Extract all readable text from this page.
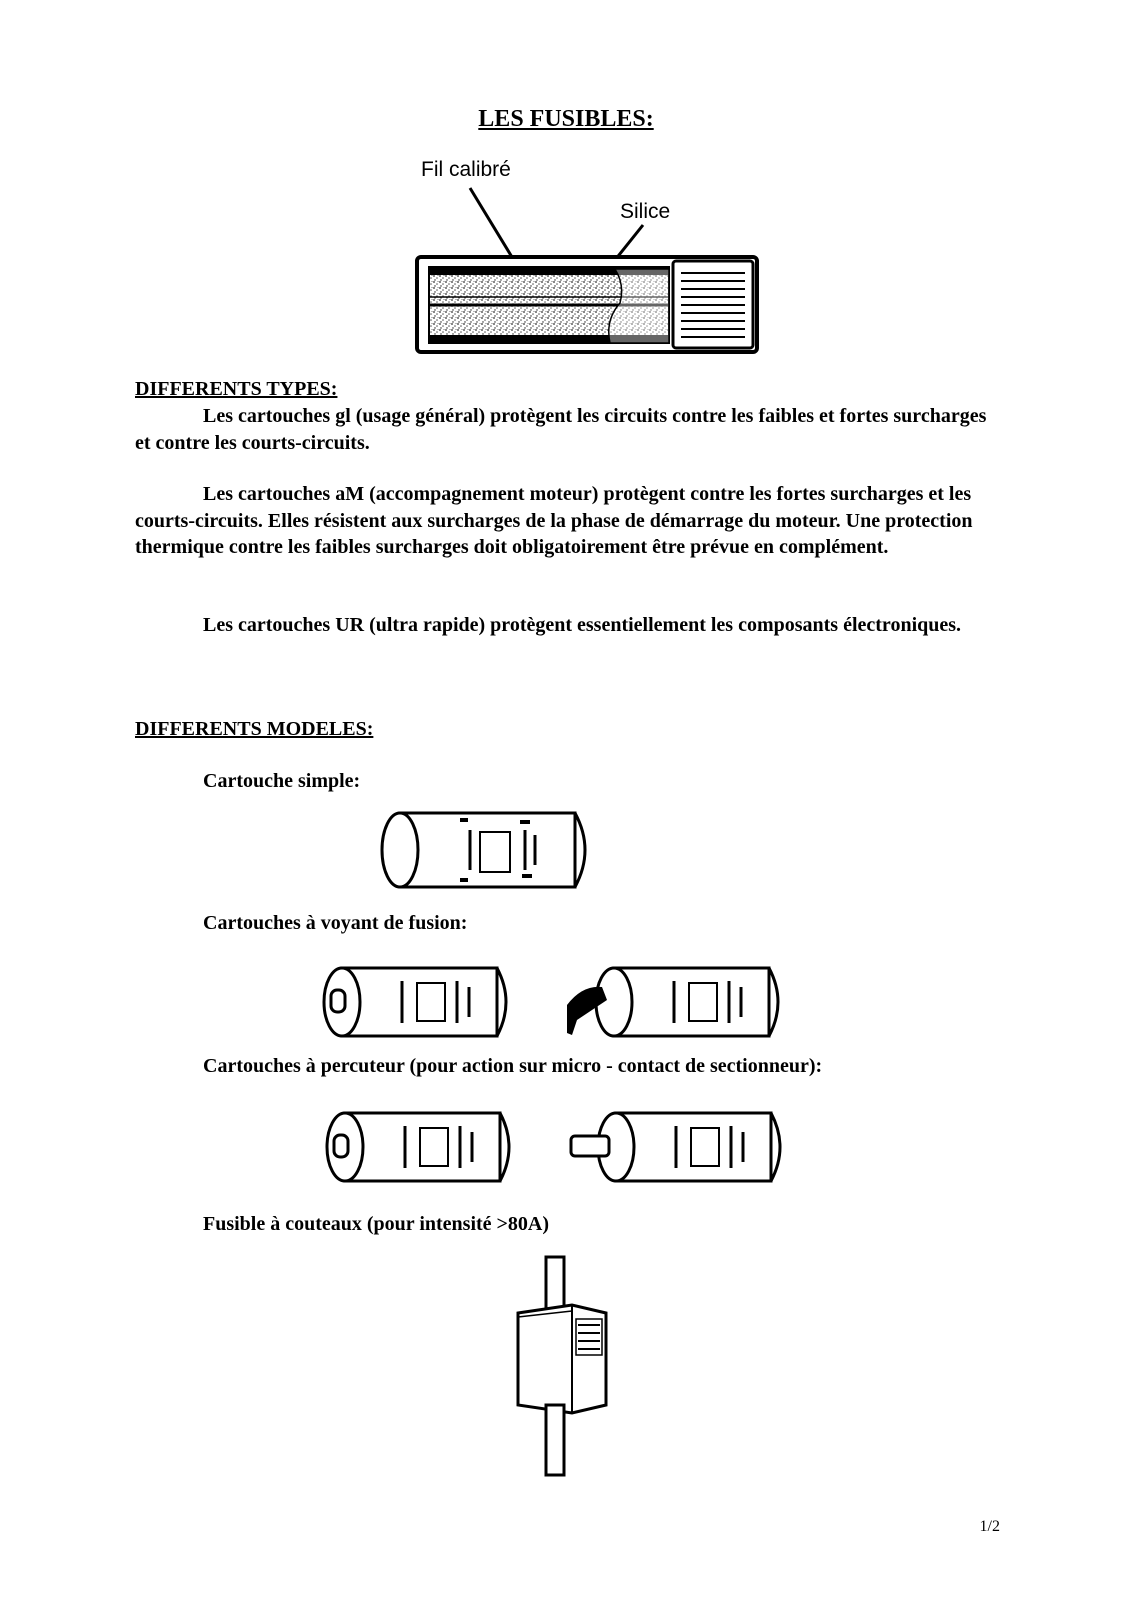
LES FUSIBLES:
Fil calibré
Silice
DIFFERENTS TYPES:
Les cartouches gl (usage général) protègent les circuits contre les faibles et fortes surcharges et contre les courts-circuits.
Les cartouches aM (accompagnement moteur) protègent contre les fortes surcharges et les courts-circuits. Elles résistent aux surcharges de la phase de démarrage du moteur. Une protection thermique contre les faibles surcharges doit obligatoirement être prévue en complément.
Les cartouches UR (ultra rapide) protègent essentiellement les composants électroniques.
DIFFERENTS MODELES:
Cartouche simple:
Cartouches à voyant de fusion:
Cartouches à percuteur (pour action sur micro - contact de sectionneur):
Fusible à couteaux (pour intensité >80A)
1/2
